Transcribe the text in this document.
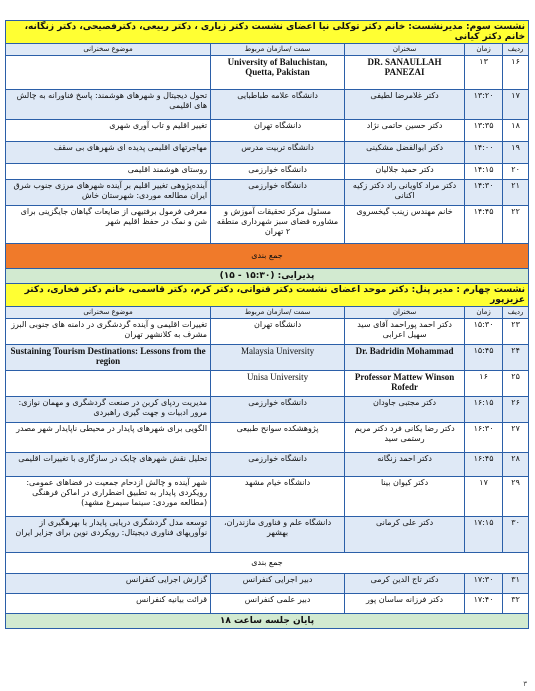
نشست سوم: مدیرنشست: خانم دکتر توکلی نیا اعضای نشست دکتر زیاری ، دکتر ربیعی، دکترفصیحی، دکتر زنگانه، خانم دکتر کیانی				
ردیف	زمان	سخنران	سمت /سازمان مربوط	موضوع سخنرانی
۱۶	۱۳	DR. SANAULLAH PANEZAI	University of Baluchistan, Quetta, Pakistan	
۱۷	۱۳:۲۰	دکتر غلامرضا لطیفی	دانشگاه علامه طباطبایی	تحول دیجیتال و شهرهای هوشمند: پاسخ فناورانه به چالش های اقلیمی
۱۸	۱۳:۳۵	دکتر حسین حاتمی نژاد	دانشگاه تهران	تغییر اقلیم و تاب آوری شهری
۱۹	۱۴:۰۰	دکتر ابوالفضل مشکینی	دانشگاه تربیت مدرس	مهاجرتهای اقلیمی پدیده ای شهرهای بی سقف
۲۰	۱۴:۱۵	دکتر حمید جلالیان	دانشگاه خوارزمی	روستای هوشمند اقلیمی
۲۱	۱۴:۳۰	دکتر مراد کاویانی راد دکتر زکیه اکنانی	دانشگاه خوارزمی	آینده‌پژوهی تغییر اقلیم بر آینده شهرهای مرزی جنوب شرق ایران مطالعه موردی: شهرستان خاش
۲۲	۱۴:۴۵	خانم مهندس زینب گیخسروی	مسئول مرکز تحقیقات آموزش و مشاوره فضای سبز شهرداری منطقه ۲ تهران	معرفی فرمول برفتیهی از ضایعات گیاهان جایگزینی برای شن و نمک در حفظ اقلیم شهر
جمع بندی				
پذیرایی: (۱۵:۳۰ - ۱۵)				
نشست چهارم : مدیر پنل: دکتر موحد اعضای نشست دکتر قنواتی، دکتر کرم، دکتر قاسمی، خانم دکتر فخاری، دکتر عزیزپور				
ردیف	زمان	سخنران	سمت /سازمان مربوط	موضوع سخنرانی
۲۳	۱۵:۳۰	دکتر احمد پوراحمد آقای سید سهیل اعرابی	دانشگاه تهران	تغییرات اقلیمی و آینده گردشگری در دامنه های جنوبی البرز مشرف به کلانشهر تهران
۲۴	۱۵:۴۵	Dr. Badridin Mohammad	Malaysia University	Sustaining Tourism Destinations: Lessons from the region
۲۵	۱۶	Professor Mattew Winson Rofedr	Unisa University	
۲۶	۱۶:۱۵	دکتر مجتبی جاودان	دانشگاه خوارزمی	مدیریت ردپای کربن در صنعت گردشگری و مهمان نوازی: مرور ادبیات و جهت گیری راهبردی
۲۷	۱۶:۳۰	دکتر رضا یکانی فرد دکتر مریم رستمی سید	پژوهشکده سوانح طبیعی	الگویی برای شهرهای پایدار در محیطی ناپایدار شهر مصدر
۲۸	۱۶:۴۵	دکتر احمد زنگانه	دانشگاه خوارزمی	تحلیل نقش شهرهای چابک در سازگاری با تغییرات اقلیمی
۲۹	۱۷	دکتر کیوان بینا	دانشگاه خیام مشهد	شهر آینده و چالش ازدحام جمعیت در فضاهای عمومی: رویکردی پایدار به تطبیق اضطراری در اماکن فرهنگی (مطالعه موردی: سینما سیمرغ مشهد)
۳۰	۱۷:۱۵	دکتر علی کرمانی	دانشگاه علم و فناوری مازندران، بهشهر	توسعه مدل گردشگری دریایی پایدار با بهرهگیری از نوآوریهای فناوری دیجیتال: رویکردی نوین برای جزایر ایران
جمع بندی				
۳۱	۱۷:۳۰	دکتر تاج الدین کرمی	دبیر اجرایی کنفرانس	گزارش اجرایی کنفرانس
۳۲	۱۷:۴۰	دکتر فرزانه ساسان پور	دبیر علمی کنفرانس	قرائت بیانیه کنفرانس
پایان جلسه ساعت ۱۸				
۳
